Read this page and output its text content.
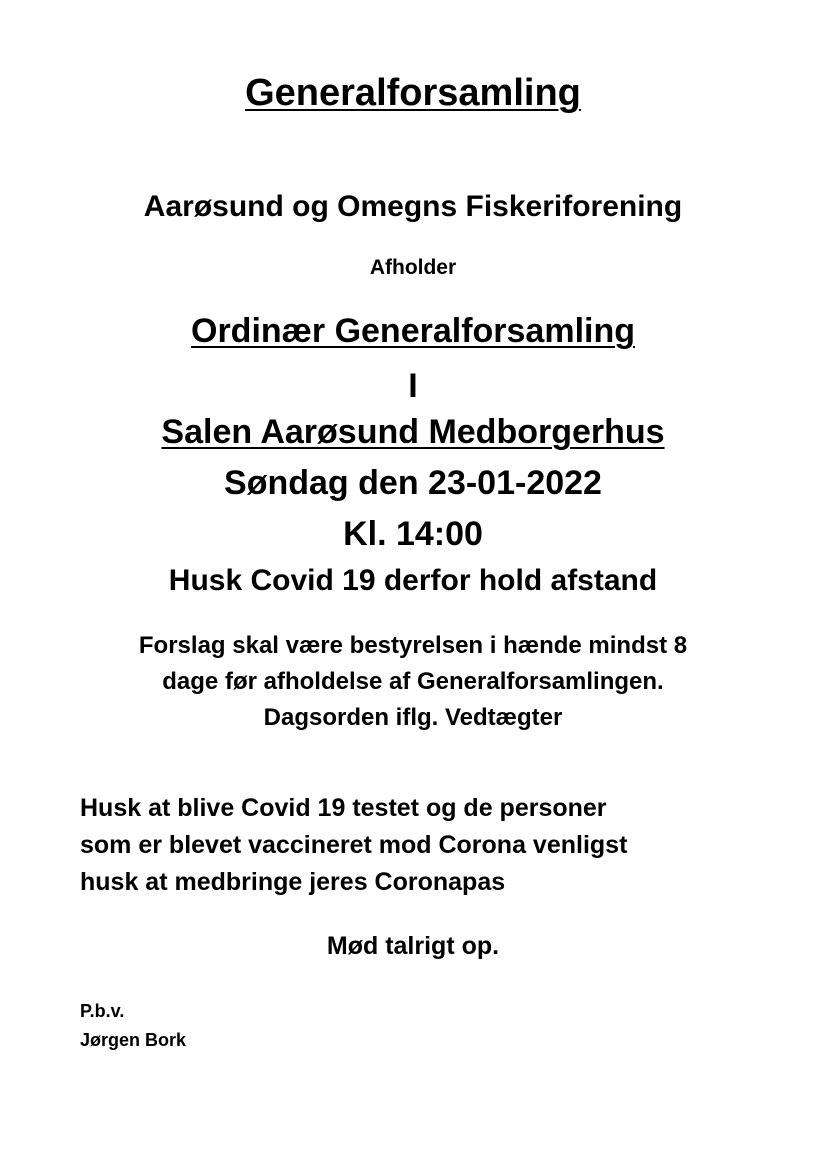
Generalforsamling
Aarøsund og Omegns Fiskeriforening
Afholder
Ordinær Generalforsamling
I
Salen Aarøsund Medborgerhus
Søndag den 23-01-2022
Kl. 14:00
Husk Covid 19 derfor hold afstand
Forslag skal være bestyrelsen i hænde mindst 8
dage før afholdelse af Generalforsamlingen.
Dagsorden iflg. Vedtægter
Husk at blive Covid 19 testet og de personer
som er blevet vaccineret mod Corona venligst
husk at medbringe jeres Coronapas
Mød talrigt op.
P.b.v.
Jørgen Bork
